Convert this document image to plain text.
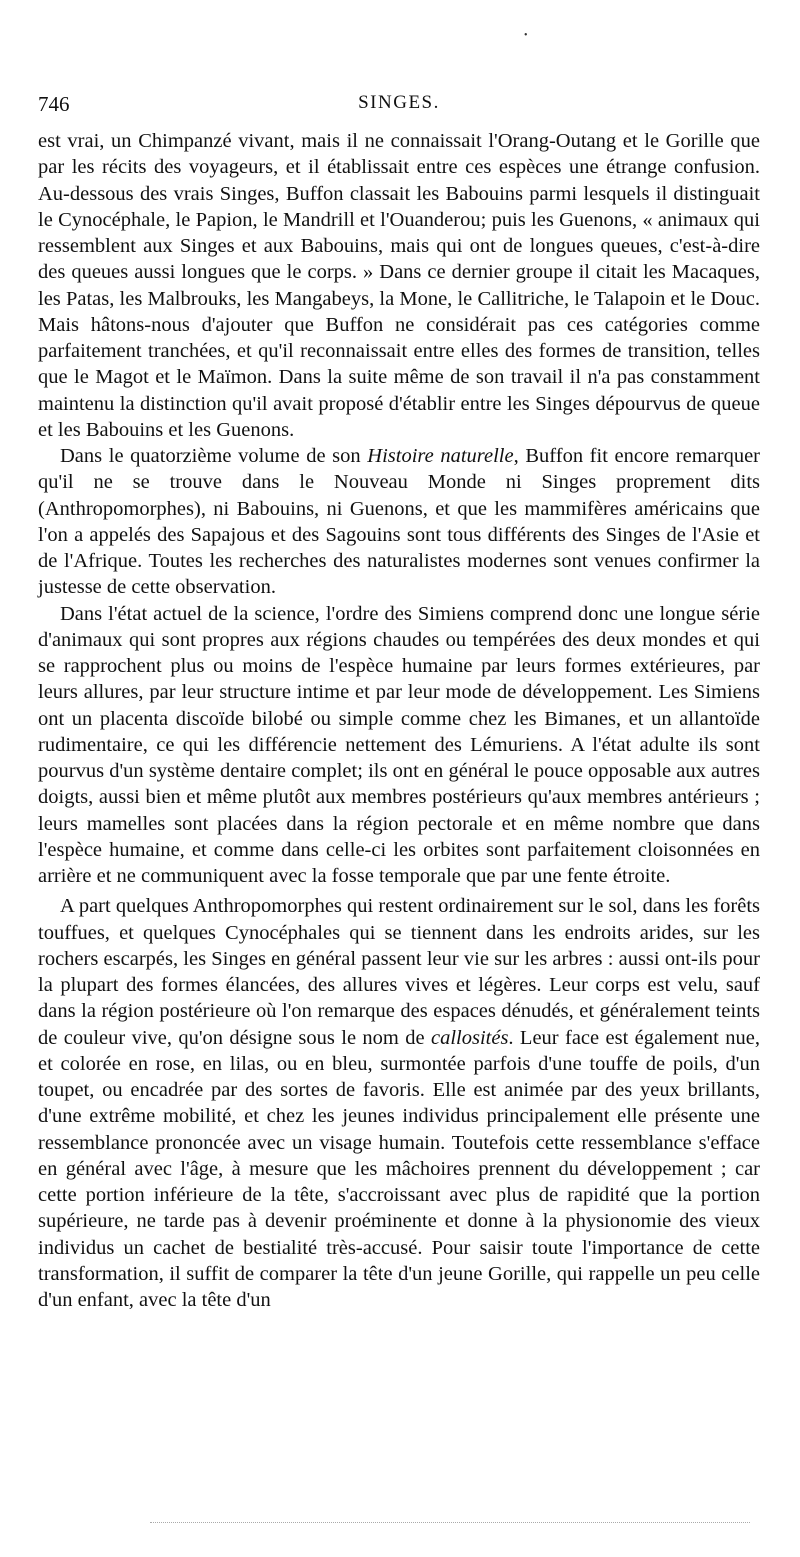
•
746	SINGES.

est vrai, un Chimpanzé vivant, mais il ne connaissait l'Orang-Outang et le Gorille que par les récits des voyageurs, et il établissait entre ces espèces une étrange confusion. Au-dessous des vrais Singes, Buffon classait les Babouins parmi lesquels il distinguait le Cynocéphale, le Papion, le Mandrill et l'Ouanderou; puis les Guenons, « animaux qui ressemblent aux Singes et aux Babouins, mais qui ont de longues queues, c'est-à-dire des queues aussi longues que le corps. » Dans ce dernier groupe il citait les Macaques, les Patas, les Malbrouks, les Mangabeys, la Mone, le Callitriche, le Talapoin et le Douc. Mais hâtons-nous d'ajouter que Buffon ne considérait pas ces catégories comme parfaitement tranchées, et qu'il reconnaissait entre elles des formes de transition, telles que le Magot et le Maïmon. Dans la suite même de son travail il n'a pas constamment maintenu la distinction qu'il avait proposé d'établir entre les Singes dépourvus de queue et les Babouins et les Guenons.

Dans le quatorzième volume de son Histoire naturelle, Buffon fit encore remarquer qu'il ne se trouve dans le Nouveau Monde ni Singes proprement dits (Anthropomorphes), ni Babouins, ni Guenons, et que les mammifères américains que l'on a appelés des Sapajous et des Sagouins sont tous différents des Singes de l'Asie et de l'Afrique. Toutes les recherches des naturalistes modernes sont venues confirmer la justesse de cette observation.

Dans l'état actuel de la science, l'ordre des Simiens comprend donc une longue série d'animaux qui sont propres aux régions chaudes ou tempérées des deux mondes et qui se rapprochent plus ou moins de l'espèce humaine par leurs formes extérieures, par leurs allures, par leur structure intime et par leur mode de développement. Les Simiens ont un placenta discoïde bilobé ou simple comme chez les Bimanes, et un allantoïde rudimentaire, ce qui les différencie nettement des Lémuriens. A l'état adulte ils sont pourvus d'un système dentaire complet; ils ont en général le pouce opposable aux autres doigts, aussi bien et même plutôt aux membres postérieurs qu'aux membres antérieurs ; leurs mamelles sont placées dans la région pectorale et en même nombre que dans l'espèce humaine, et comme dans celle-ci les orbites sont parfaitement cloisonnées en arrière et ne communiquent avec la fosse temporale que par une fente étroite.

A part quelques Anthropomorphes qui restent ordinairement sur le sol, dans les forêts touffues, et quelques Cynocéphales qui se tiennent dans les endroits arides, sur les rochers escarpés, les Singes en général passent leur vie sur les arbres : aussi ont-ils pour la plupart des formes élancées, des allures vives et légères. Leur corps est velu, sauf dans la région postérieure où l'on remarque des espaces dénudés, et généralement teints de couleur vive, qu'on désigne sous le nom de callosités. Leur face est également nue, et colorée en rose, en lilas, ou en bleu, surmontée parfois d'une touffe de poils, d'un toupet, ou encadrée par des sortes de favoris. Elle est animée par des yeux brillants, d'une extrême mobilité, et chez les jeunes individus principalement elle présente une ressemblance prononcée avec un visage humain. Toutefois cette ressemblance s'efface en général avec l'âge, à mesure que les mâchoires prennent du développement ; car cette portion inférieure de la tête, s'accroissant avec plus de rapidité que la portion supérieure, ne tarde pas à devenir proéminente et donne à la physionomie des vieux individus un cachet de bestialité très-accusé. Pour saisir toute l'importance de cette transformation, il suffit de comparer la tête d'un jeune Gorille, qui rappelle un peu celle d'un enfant, avec la tête d'un
